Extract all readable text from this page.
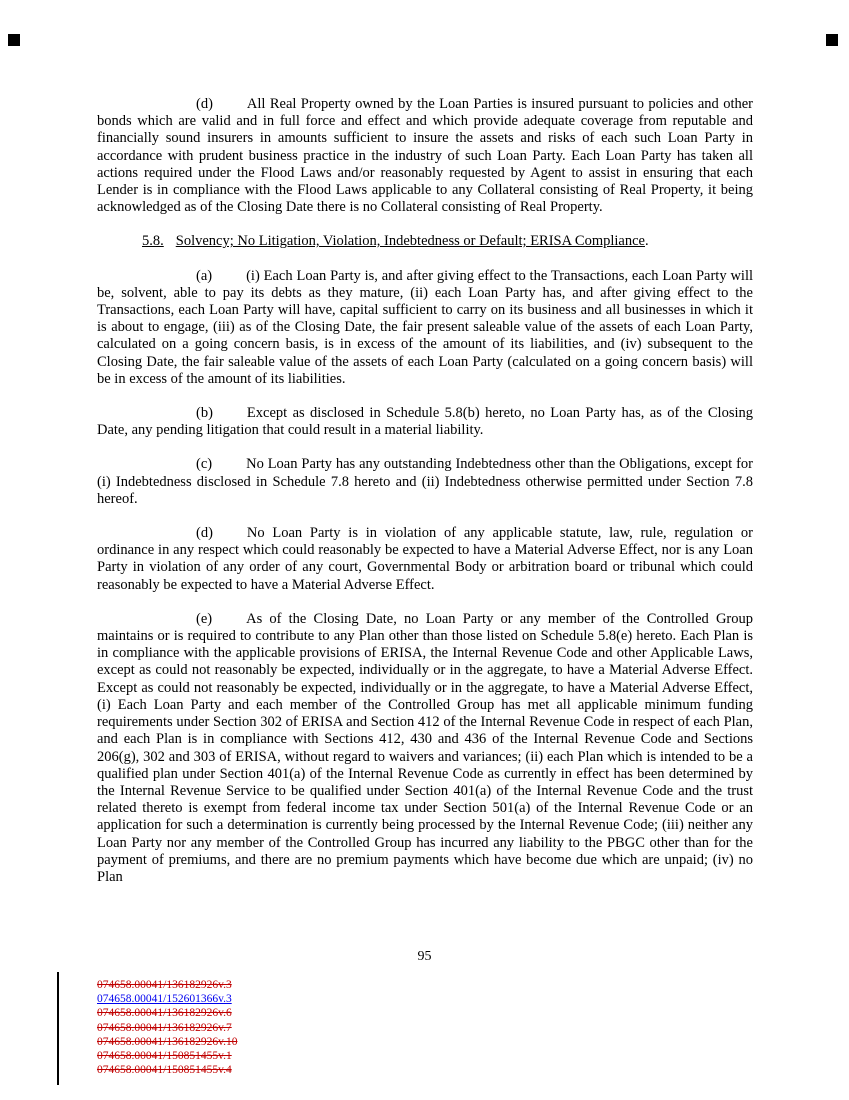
(d) All Real Property owned by the Loan Parties is insured pursuant to policies and other bonds which are valid and in full force and effect and which provide adequate coverage from reputable and financially sound insurers in amounts sufficient to insure the assets and risks of each such Loan Party in accordance with prudent business practice in the industry of such Loan Party. Each Loan Party has taken all actions required under the Flood Laws and/or reasonably requested by Agent to assist in ensuring that each Lender is in compliance with the Flood Laws applicable to any Collateral consisting of Real Property, it being acknowledged as of the Closing Date there is no Collateral consisting of Real Property.

5.8. Solvency; No Litigation, Violation, Indebtedness or Default; ERISA Compliance.

(a) (i) Each Loan Party is, and after giving effect to the Transactions, each Loan Party will be, solvent, able to pay its debts as they mature, (ii) each Loan Party has, and after giving effect to the Transactions, each Loan Party will have, capital sufficient to carry on its business and all businesses in which it is about to engage, (iii) as of the Closing Date, the fair present saleable value of the assets of each Loan Party, calculated on a going concern basis, is in excess of the amount of its liabilities, and (iv) subsequent to the Closing Date, the fair saleable value of the assets of each Loan Party (calculated on a going concern basis) will be in excess of the amount of its liabilities.

(b) Except as disclosed in Schedule 5.8(b) hereto, no Loan Party has, as of the Closing Date, any pending litigation that could result in a material liability.

(c) No Loan Party has any outstanding Indebtedness other than the Obligations, except for (i) Indebtedness disclosed in Schedule 7.8 hereto and (ii) Indebtedness otherwise permitted under Section 7.8 hereof.

(d) No Loan Party is in violation of any applicable statute, law, rule, regulation or ordinance in any respect which could reasonably be expected to have a Material Adverse Effect, nor is any Loan Party in violation of any order of any court, Governmental Body or arbitration board or tribunal which could reasonably be expected to have a Material Adverse Effect.

(e) As of the Closing Date, no Loan Party or any member of the Controlled Group maintains or is required to contribute to any Plan other than those listed on Schedule 5.8(e) hereto. Each Plan is in compliance with the applicable provisions of ERISA, the Internal Revenue Code and other Applicable Laws, except as could not reasonably be expected, individually or in the aggregate, to have a Material Adverse Effect. Except as could not reasonably be expected, individually or in the aggregate, to have a Material Adverse Effect, (i) Each Loan Party and each member of the Controlled Group has met all applicable minimum funding requirements under Section 302 of ERISA and Section 412 of the Internal Revenue Code in respect of each Plan, and each Plan is in compliance with Sections 412, 430 and 436 of the Internal Revenue Code and Sections 206(g), 302 and 303 of ERISA, without regard to waivers and variances; (ii) each Plan which is intended to be a qualified plan under Section 401(a) of the Internal Revenue Code as currently in effect has been determined by the Internal Revenue Service to be qualified under Section 401(a) of the Internal Revenue Code and the trust related thereto is exempt from federal income tax under Section 501(a) of the Internal Revenue Code or an application for such a determination is currently being processed by the Internal Revenue Code; (iii) neither any Loan Party nor any member of the Controlled Group has incurred any liability to the PBGC other than for the payment of premiums, and there are no premium payments which have become due which are unpaid; (iv) no Plan

95
074658.00041/136182926v.3
074658.00041/152601366v.3
074658.00041/136182926v.6
074658.00041/136182926v.7
074658.00041/136182926v.10
074658.00041/150851455v.1
074658.00041/150851455v.4
